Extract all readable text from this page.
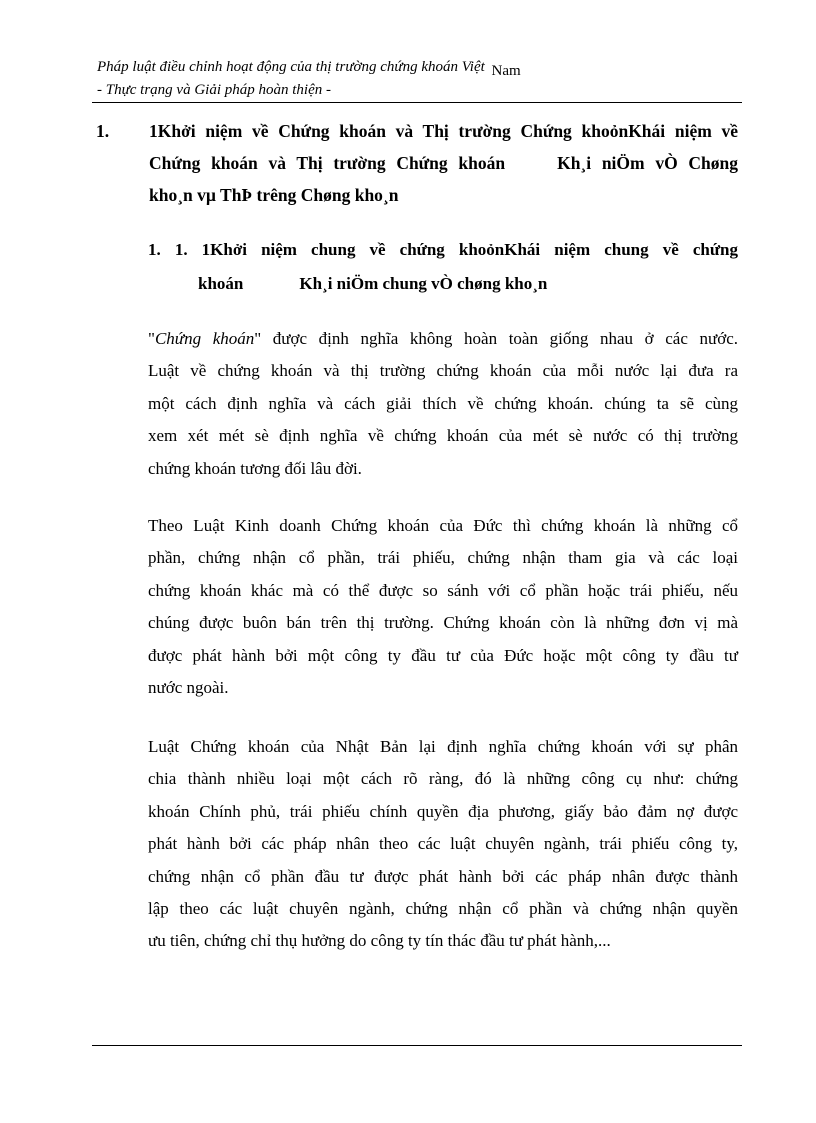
Pháp luật điều chỉnh hoạt động của thị trường chứng khoán Việt Nam
- Thực trạng và Giải pháp hoàn thiện -
1. 1Khởi niệm về Chứng khoán và Thị trường Chứng khoỏnKhái niệm về
Chứng khoán và Thị trường Chứng khoán	Kh¸i niÖm vÒ Chøng
kho¸n vµ ThÞ trêng Chøng kho¸n
1. 1. 1Khởi niệm chung về chứng khoỏnKhái niệm chung về chứng
khoán	Kh¸i niÖm chung vÒ chøng kho¸n
"Chứng khoán" được định nghĩa không hoàn toàn giống nhau ở các nước.
Luật về chứng khoán và thị trường chứng khoán của mỗi nước lại đưa ra
một cách định nghĩa và cách giải thích về chứng khoán. chúng ta sẽ cùng
xem xét mét sè định nghĩa về chứng khoán của mét sè nước có thị trường
chứng khoán tương đối lâu đời.
Theo Luật Kinh doanh Chứng khoán của Đức thì chứng khoán là những cổ
phần, chứng nhận cổ phần, trái phiếu, chứng nhận tham gia và các loại
chứng khoán khác mà có thể được so sánh với cổ phần hoặc trái phiếu, nếu
chúng được buôn bán trên thị trường. Chứng khoán còn là những đơn vị mà
được phát hành bởi một công ty đầu tư của Đức hoặc một công ty đầu tư
nước ngoài.
Luật Chứng khoán của Nhật Bản lại định nghĩa chứng khoán với sự phân
chia thành nhiều loại một cách rõ ràng, đó là những công cụ như: chứng
khoán Chính phủ, trái phiếu chính quyền địa phương, giấy bảo đảm nợ được
phát hành bởi các pháp nhân theo các luật chuyên ngành, trái phiếu công ty,
chứng nhận cổ phần đầu tư được phát hành bởi các pháp nhân được thành
lập theo các luật chuyên ngành, chứng nhận cổ phần và chứng nhận quyền
ưu tiên, chứng chỉ thụ hưởng do công ty tín thác đầu tư phát hành,...
